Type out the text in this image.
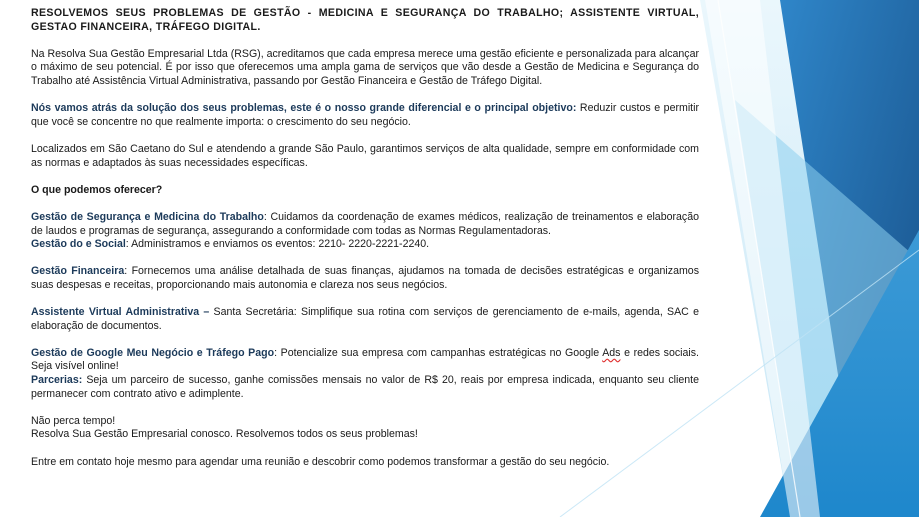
RESOLVEMOS SEUS PROBLEMAS DE GESTÃO - MEDICINA E SEGURANÇA DO TRABALHO; ASSISTENTE VIRTUAL, GESTAO FINANCEIRA, TRÁFEGO DIGITAL.

Na Resolva Sua Gestão Empresarial Ltda (RSG), acreditamos que cada empresa merece uma gestão eficiente e personalizada para alcançar o máximo de seu potencial. É por isso que oferecemos uma ampla gama de serviços que vão desde a Gestão de Medicina e Segurança do Trabalho até Assistência Virtual Administrativa, passando por Gestão Financeira e Gestão de Tráfego Digital.

Nós vamos atrás da solução dos seus problemas, este é o nosso grande diferencial e o principal objetivo: Reduzir custos e permitir que você se concentre no que realmente importa: o crescimento do seu negócio.

Localizados em São Caetano do Sul e atendendo a grande São Paulo, garantimos serviços de alta qualidade, sempre em conformidade com as normas e adaptados às suas necessidades específicas.

O que podemos oferecer?

Gestão de Segurança e Medicina do Trabalho: Cuidamos da coordenação de exames médicos, realização de treinamentos e elaboração de laudos e programas de segurança, assegurando a conformidade com todas as Normas Regulamentadoras.

Gestão do e Social: Administramos e enviamos os eventos: 2210- 2220-2221-2240.

Gestão Financeira: Fornecemos uma análise detalhada de suas finanças, ajudamos na tomada de decisões estratégicas e organizamos suas despesas e receitas, proporcionando mais autonomia e clareza nos seus negócios.

Assistente Virtual Administrativa – Santa Secretária: Simplifique sua rotina com serviços de gerenciamento de e-mails, agenda, SAC e elaboração de documentos.

Gestão de Google Meu Negócio e Tráfego Pago: Potencialize sua empresa com campanhas estratégicas no Google Ads e redes sociais. Seja visível online!

Parcerias: Seja um parceiro de sucesso, ganhe comissões mensais no valor de R$ 20, reais por empresa indicada, enquanto seu cliente permanecer com contrato ativo e adimplente.

Não perca tempo!

Resolva Sua Gestão Empresarial conosco. Resolvemos todos os seus problemas!

Entre em contato hoje mesmo para agendar uma reunião e descobrir como podemos transformar a gestão do seu negócio.
